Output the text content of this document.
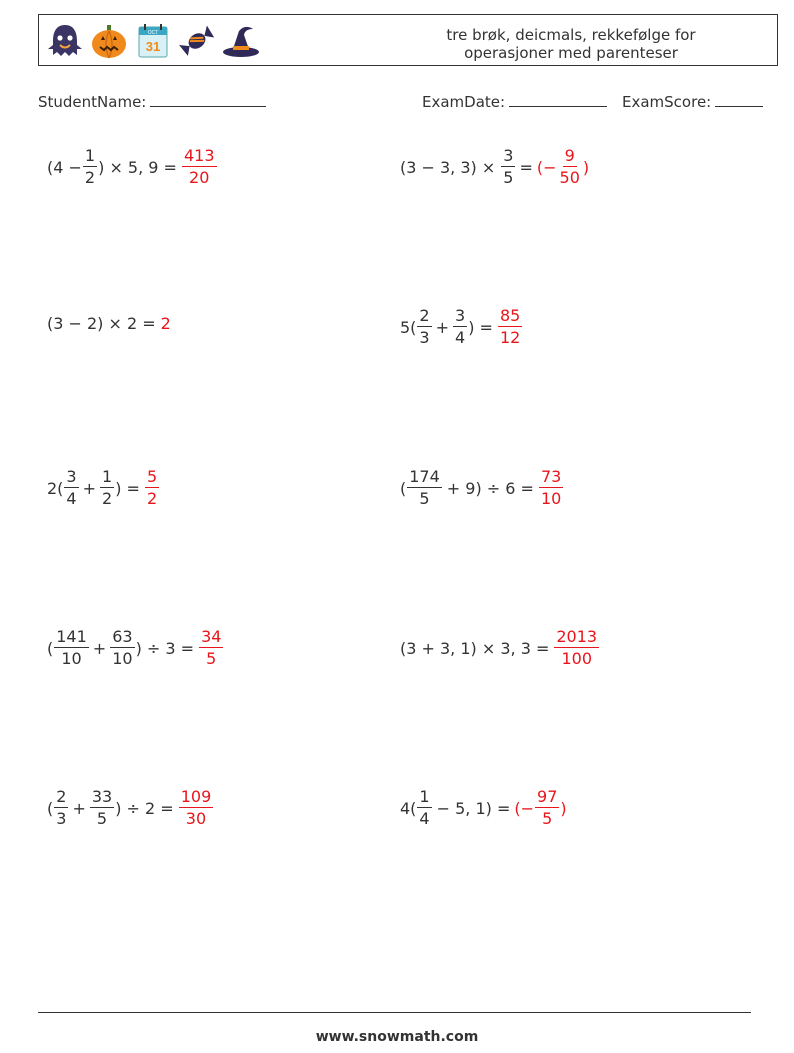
OCT
31
tre brøk, deicmals, rekkefølge for
operasjoner med parenteser
StudentName:	ExamDate:	ExamScore:
($4 - \frac{1}{2}$ ) × 5, $9 = \frac{413}{20}$	(3 − 3, $3) \times \frac{3}{5}$ = (− $\frac{9}{50}$ )
(3 − 2) × 2 = 2	$5( \frac{2}{3} + \frac{3}{4}$ ) = $\frac{85}{12}$
$2( \frac{3}{4} + \frac{1}{2}$ ) = $\frac{5}{2}$	( $\frac{174}{5} + 9) \div 6 = \frac{73}{10}$
( $\frac{141}{10} + \frac{63}{10}$ ) ÷ $3 = \frac{34}{5}$	(3 + 3, 1) × 3, $3 = \frac{2013}{100}$
( $\frac{2}{3} + \frac{33}{5}$ ) ÷ $2 = \frac{109}{30}$	$4( \frac{1}{4} - 5$, 1) = (− $\frac{97}{5}$ )
www.snowmath.com
